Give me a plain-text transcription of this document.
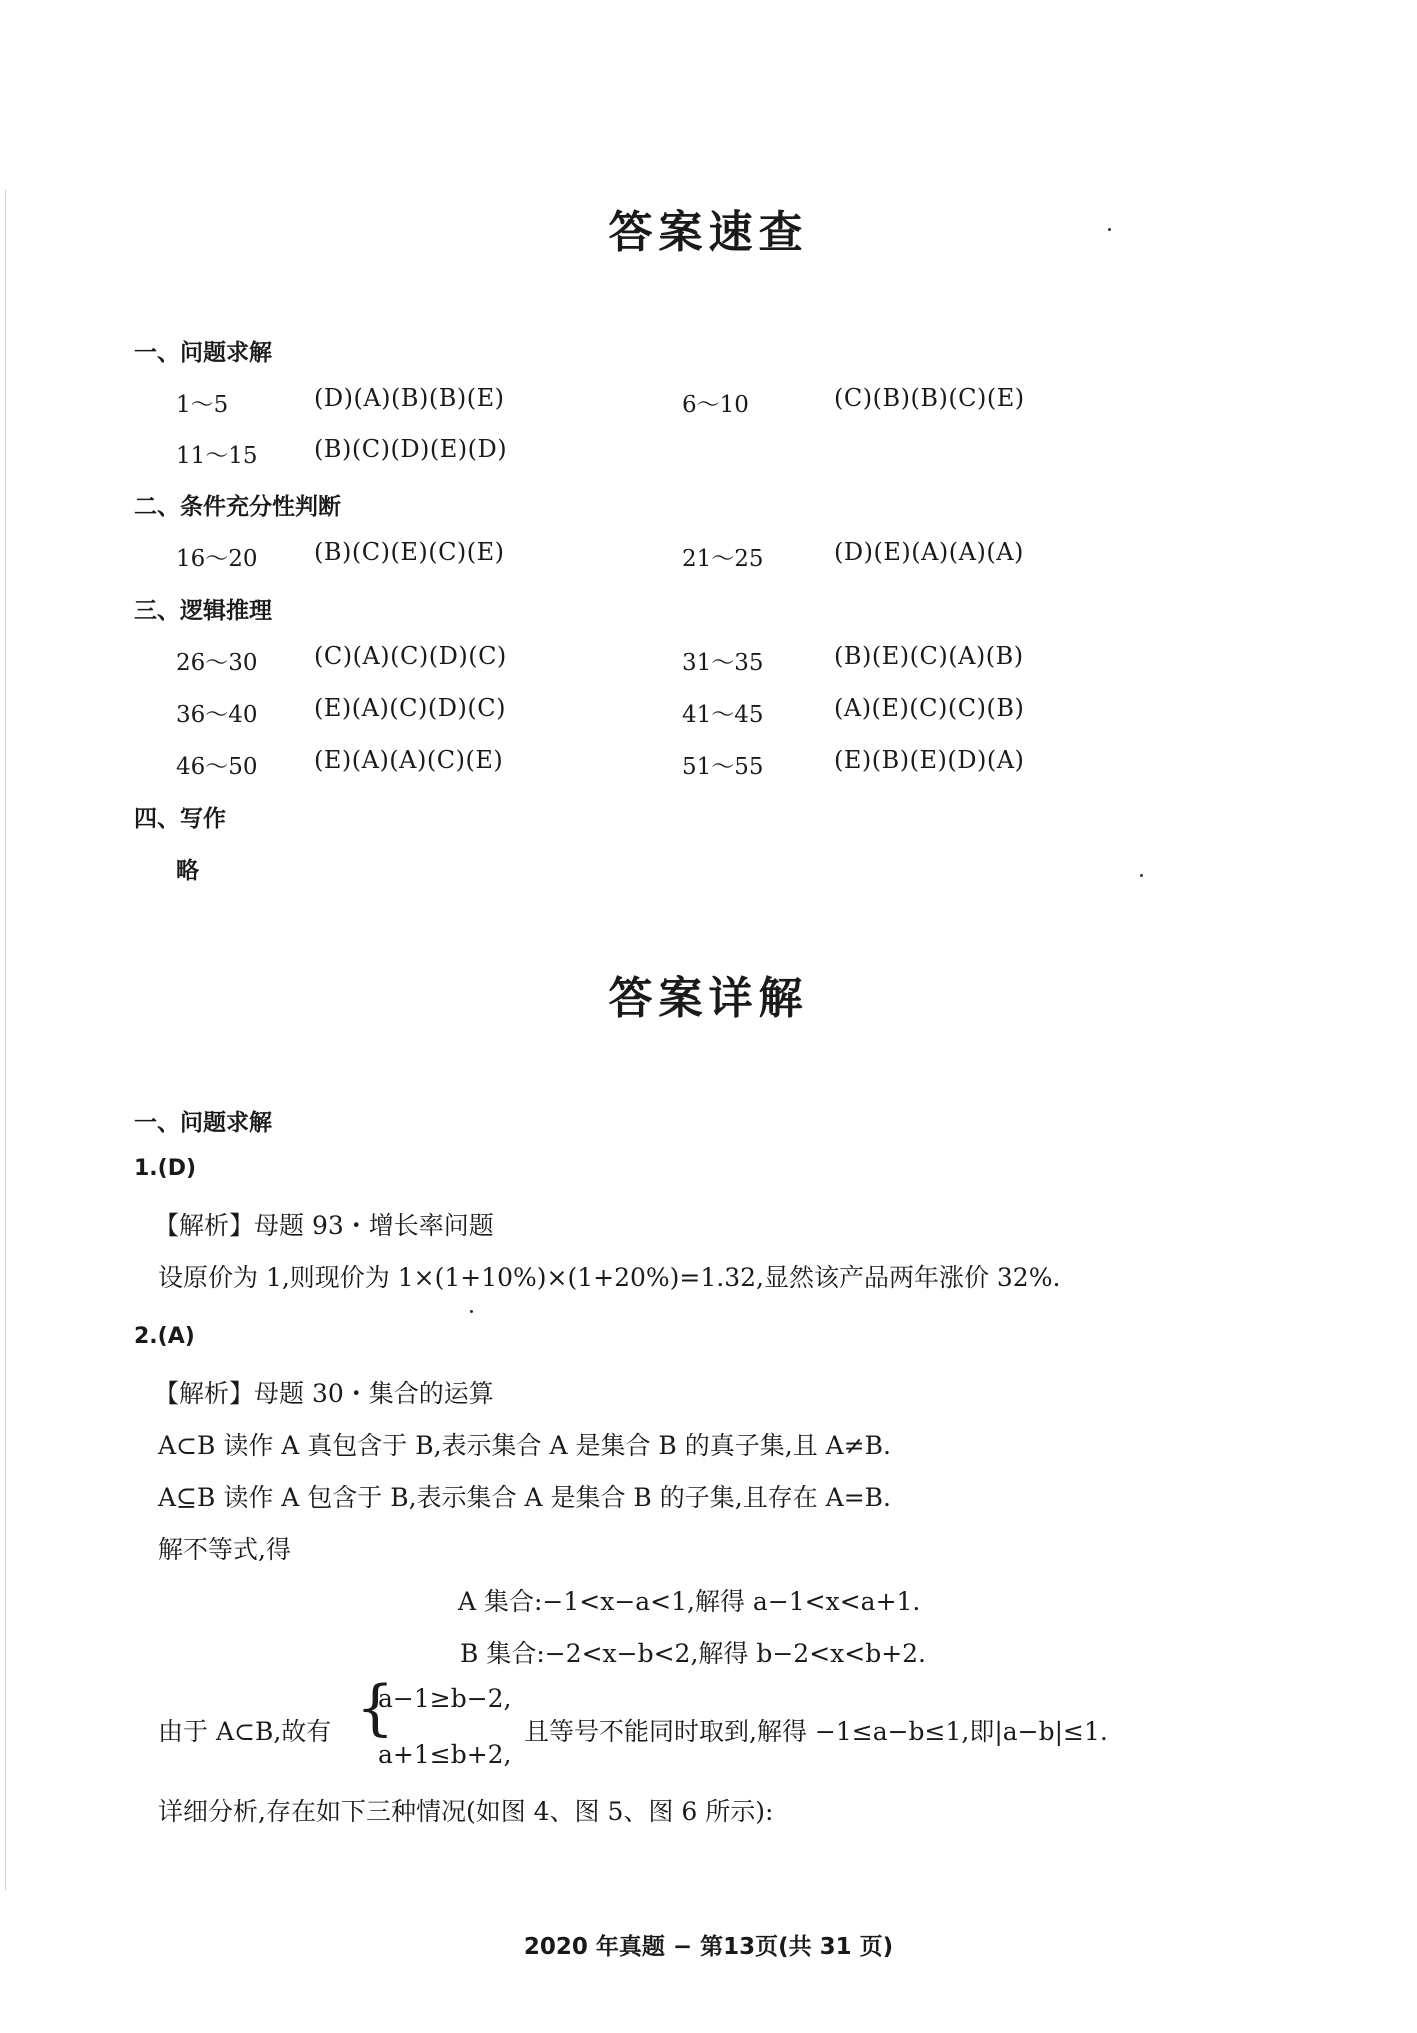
答案速查
一、问题求解
1～5	(D)(A)(B)(B)(E)	6～10	(C)(B)(B)(C)(E)
11～15 (B)(C)(D)(E)(D)
二、条件充分性判断
16～20 (B)(C)(E)(C)(E)	21～25	(D)(E)(A)(A)(A)
三、逻辑推理
26～30 (C)(A)(C)(D)(C)	31～35	(B)(E)(C)(A)(B)
36～40 (E)(A)(C)(D)(C)	41～45	(A)(E)(C)(C)(B)
46～50 (E)(A)(A)(C)(E)	51～55	(E)(B)(E)(D)(A)
四、写作
略
答案详解
一、问题求解
1.(D)
【解析】母题 93・增长率问题
设原价为 1,则现价为 1×(1+10%)×(1+20%)=1.32,显然该产品两年涨价 32%.
2.(A)
【解析】母题 30・集合的运算
A⊂B 读作 A 真包含于 B,表示集合 A 是集合 B 的真子集,且 A≠B.
A⊆B 读作 A 包含于 B,表示集合 A 是集合 B 的子集,且存在 A=B.
解不等式,得
A 集合:−1<x−a<1,解得 a−1<x<a+1.
B 集合:−2<x−b<2,解得 b−2<x<b+2.
由于 A⊂B,故有 {
a−1≥b−2,
a+1≤b+2,
且等号不能同时取到,解得 −1≤a−b≤1,即|a−b|≤1.
详细分析,存在如下三种情况(如图 4、图 5、图 6 所示):
2020 年真题 − 第13页(共 31 页)
